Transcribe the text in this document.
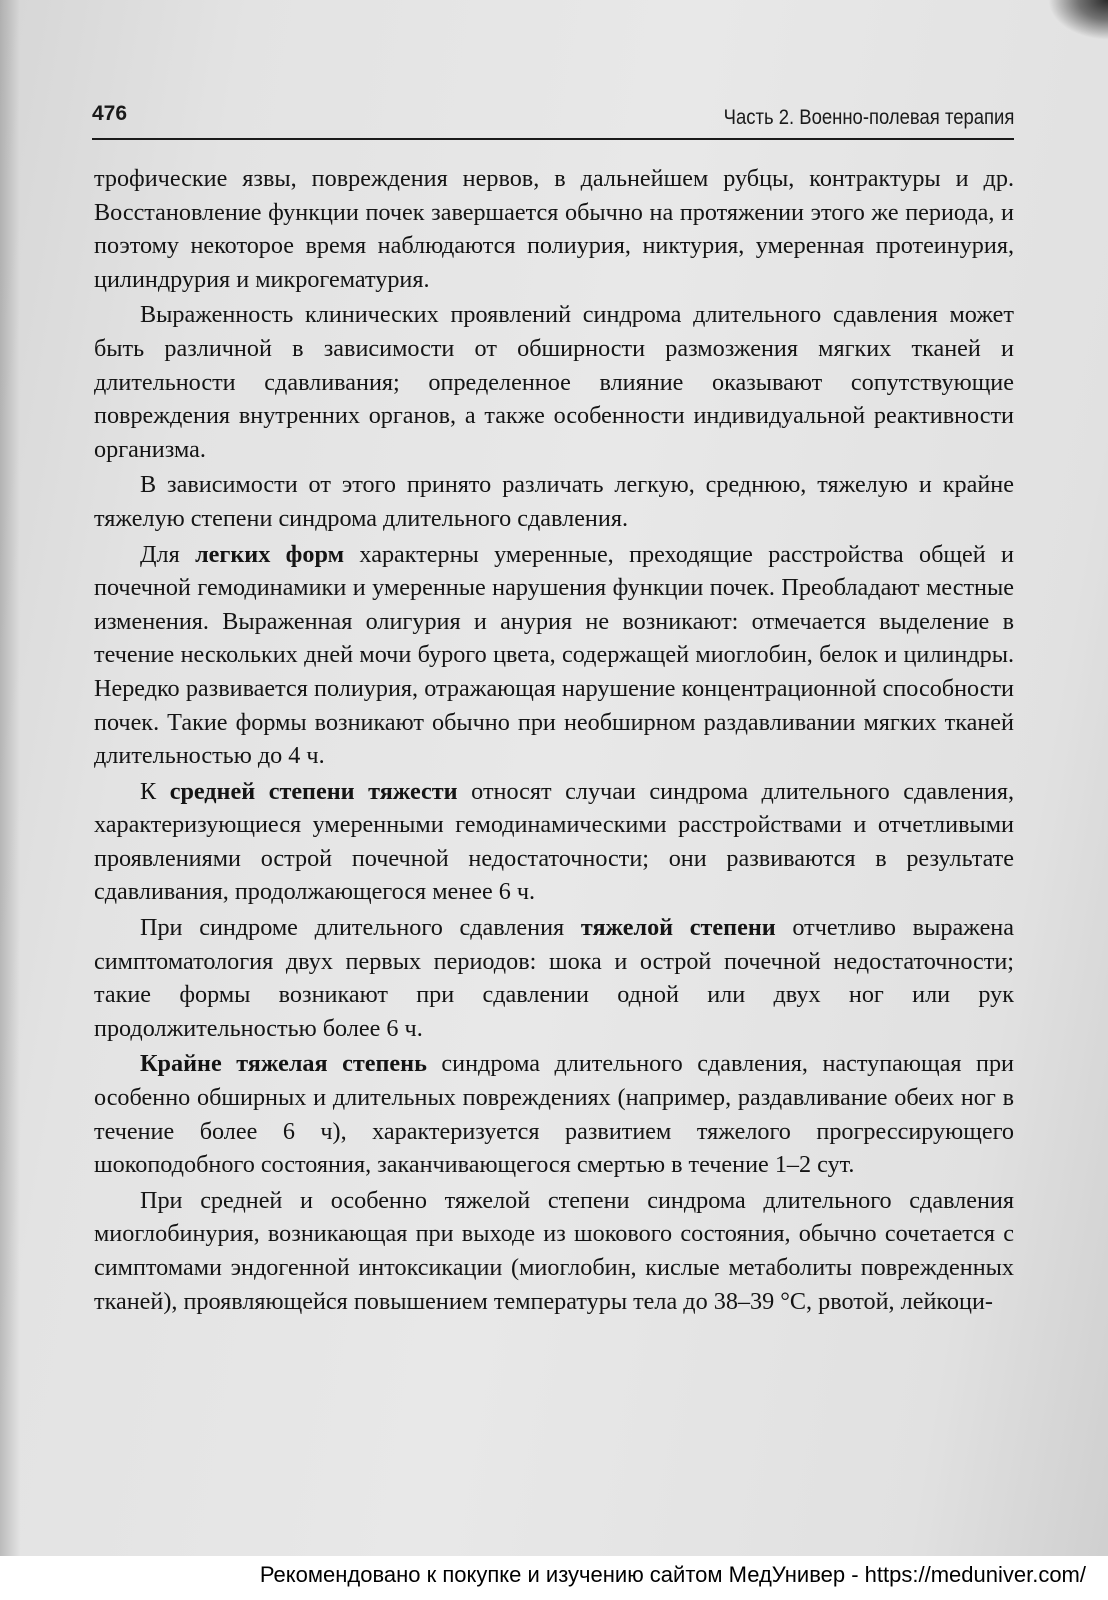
476	Часть 2. Военно-полевая терапия

трофические язвы, повреждения нервов, в дальнейшем рубцы, контрактуры и др. Восстановление функции почек завершается обычно на протяжении этого же периода, и поэтому некоторое время наблюдаются полиурия, никтурия, умеренная протеинурия, цилиндрурия и микрогематурия.

Выраженность клинических проявлений синдрома длительного сдавления может быть различной в зависимости от обширности размозжения мягких тканей и длительности сдавливания; определенное влияние оказывают сопутствующие повреждения внутренних органов, а также особенности индивидуальной реактивности организма.

В зависимости от этого принято различать легкую, среднюю, тяжелую и крайне тяжелую степени синдрома длительного сдавления.

Для легких форм характерны умеренные, преходящие расстройства общей и почечной гемодинамики и умеренные нарушения функции почек. Преобладают местные изменения. Выраженная олигурия и анурия не возникают: отмечается выделение в течение нескольких дней мочи бурого цвета, содержащей миоглобин, белок и цилиндры. Нередко развивается полиурия, отражающая нарушение концентрационной способности почек. Такие формы возникают обычно при необширном раздавливании мягких тканей длительностью до 4 ч.

К средней степени тяжести относят случаи синдрома длительного сдавления, характеризующиеся умеренными гемодинамическими расстройствами и отчетливыми проявлениями острой почечной недостаточности; они развиваются в результате сдавливания, продолжающегося менее 6 ч.

При синдроме длительного сдавления тяжелой степени отчетливо выражена симптоматология двух первых периодов: шока и острой почечной недостаточности; такие формы возникают при сдавлении одной или двух ног или рук продолжительностью более 6 ч.

Крайне тяжелая степень синдрома длительного сдавления, наступающая при особенно обширных и длительных повреждениях (например, раздавливание обеих ног в течение более 6 ч), характеризуется развитием тяжелого прогрессирующего шокоподобного состояния, заканчивающегося смертью в течение 1–2 сут.

При средней и особенно тяжелой степени синдрома длительного сдавления миоглобинурия, возникающая при выходе из шокового состояния, обычно сочетается с симптомами эндогенной интоксикации (миоглобин, кислые метаболиты поврежденных тканей), проявляющейся повышением температуры тела до 38–39 °С, рвотой, лейкоци-

Рекомендовано к покупке и изучению сайтом МедУнивер - https://meduniver.com/
